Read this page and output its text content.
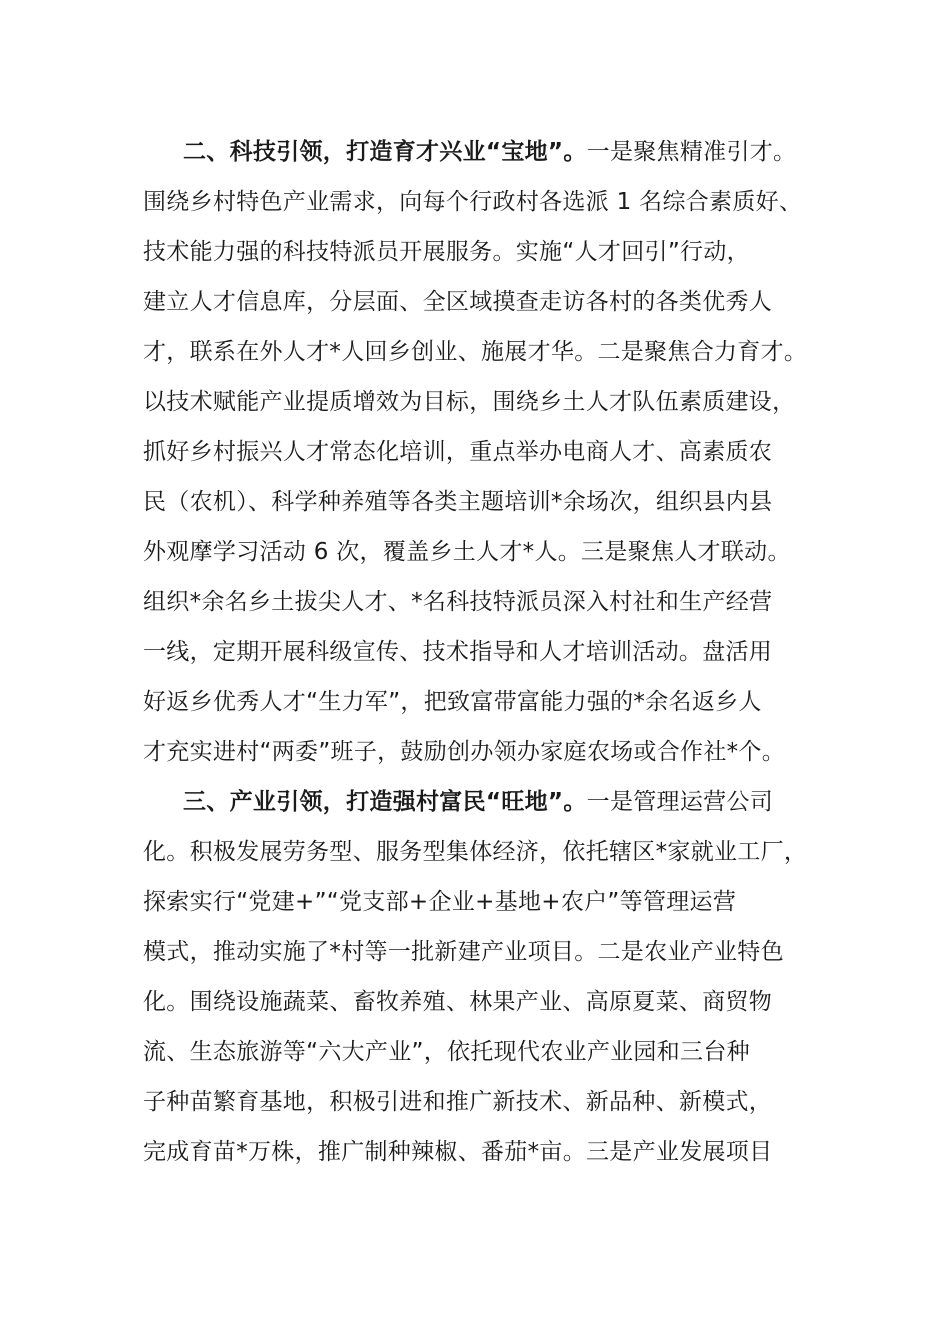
二、科技引领，打造育才兴业“宝地”。一是聚焦精准引才。
围绕乡村特色产业需求，向每个行政村各选派 1 名综合素质好、
技术能力强的科技特派员开展服务。实施“人才回引”行动，
建立人才信息库，分层面、全区域摸查走访各村的各类优秀人
才，联系在外人才*人回乡创业、施展才华。二是聚焦合力育才。
以技术赋能产业提质增效为目标，围绕乡土人才队伍素质建设，
抓好乡村振兴人才常态化培训，重点举办电商人才、高素质农
民（农机）、科学种养殖等各类主题培训*余场次，组织县内县
外观摩学习活动 6 次，覆盖乡土人才*人。三是聚焦人才联动。
组织*余名乡土拔尖人才、*名科技特派员深入村社和生产经营
一线，定期开展科级宣传、技术指导和人才培训活动。盘活用
好返乡优秀人才“生力军”，把致富带富能力强的*余名返乡人
才充实进村“两委”班子，鼓励创办领办家庭农场或合作社*个。
三、产业引领，打造强村富民“旺地”。一是管理运营公司
化。积极发展劳务型、服务型集体经济，依托辖区*家就业工厂，
探索实行“党建+”“党支部+企业+基地+农户”等管理运营
模式，推动实施了*村等一批新建产业项目。二是农业产业特色
化。围绕设施蔬菜、畜牧养殖、林果产业、高原夏菜、商贸物
流、生态旅游等“六大产业”，依托现代农业产业园和三台种
子种苗繁育基地，积极引进和推广新技术、新品种、新模式，
完成育苗*万株，推广制种辣椒、番茄*亩。三是产业发展项目
